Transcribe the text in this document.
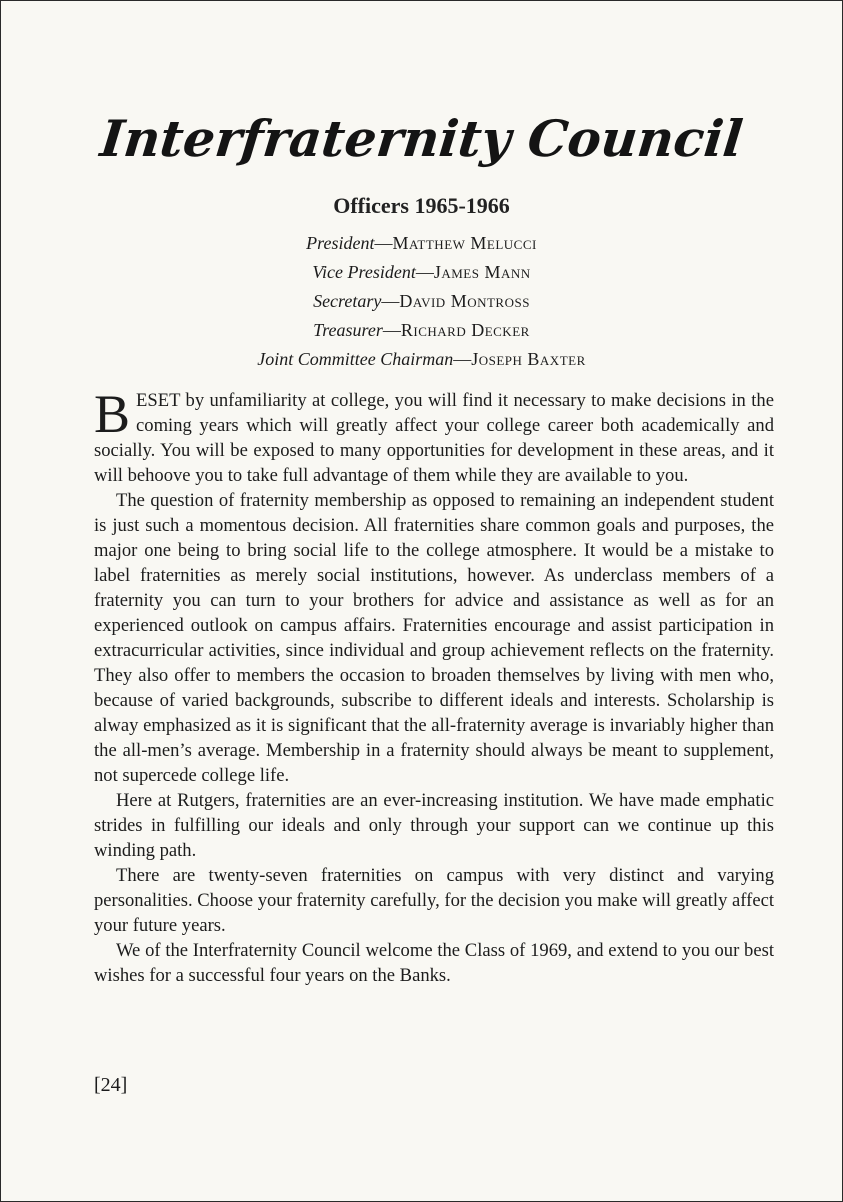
Interfraternity Council
Officers 1965-1966
President—Matthew Melucci
Vice President—James Mann
Secretary—David Montross
Treasurer—Richard Decker
Joint Committee Chairman—Joseph Baxter

BESET by unfamiliarity at college, you will find it necessary to make decisions in the coming years which will greatly affect your college career both academically and socially. You will be exposed to many opportunities for development in these areas, and it will behoove you to take full advantage of them while they are available to you.

The question of fraternity membership as opposed to remaining an independent student is just such a momentous decision. All fraternities share common goals and purposes, the major one being to bring social life to the college atmosphere. It would be a mistake to label fraternities as merely social institutions, however. As underclass members of a fraternity you can turn to your brothers for advice and assistance as well as for an experienced outlook on campus affairs. Fraternities encourage and assist participation in extracurricular activities, since individual and group achievement reflects on the fraternity. They also offer to members the occasion to broaden themselves by living with men who, because of varied backgrounds, subscribe to different ideals and interests. Scholarship is alway emphasized as it is significant that the all-fraternity average is invariably higher than the all-men’s average. Membership in a fraternity should always be meant to supplement, not supercede college life.

Here at Rutgers, fraternities are an ever-increasing institution. We have made emphatic strides in fulfilling our ideals and only through your support can we continue up this winding path.

There are twenty-seven fraternities on campus with very distinct and varying personalities. Choose your fraternity carefully, for the decision you make will greatly affect your future years.

We of the Interfraternity Council welcome the Class of 1969, and extend to you our best wishes for a successful four years on the Banks.

[24]
